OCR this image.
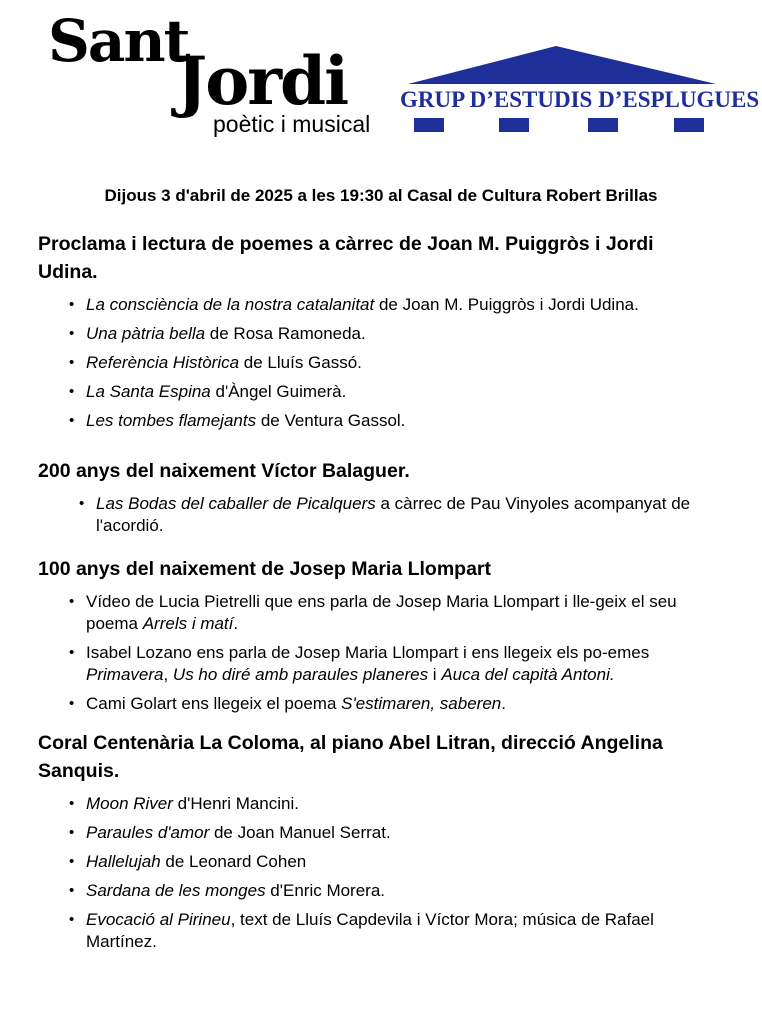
Sant
Jordi
poètic i musical
GRUP D’ESTUDIS D’ESPLUGUES
Dijous 3 d'abril de 2025 a les 19:30 al Casal de Cultura Robert Brillas

Proclama i lectura de poemes a càrrec de Joan M. Puiggròs i Jordi Udina.

• La consciència de la nostra catalanitat de Joan M. Puiggròs i Jordi Udina.
• Una pàtria bella de Rosa Ramoneda.
• Referència Històrica de Lluís Gassó.
• La Santa Espina d'Àngel Guimerà.
• Les tombes flamejants de Ventura Gassol.

200 anys del naixement Víctor Balaguer.

• Las Bodas del caballer de Picalquers a càrrec de Pau Vinyoles acompanyat de l'acordió.

100 anys del naixement de Josep Maria Llompart

• Vídeo de Lucia Pietrelli que ens parla de Josep Maria Llompart i lle-geix el seu poema Arrels i matí.
• Isabel Lozano ens parla de Josep Maria Llompart i ens llegeix els po-emes Primavera, Us ho diré amb paraules planeres i Auca del capità Antoni.
• Cami Golart ens llegeix el poema S'estimaren, saberen.

Coral Centenària La Coloma, al piano Abel Litran, direcció Angelina Sanquis.

• Moon River d'Henri Mancini.
• Paraules d'amor de Joan Manuel Serrat.
• Hallelujah de Leonard Cohen
• Sardana de les monges d'Enric Morera.
• Evocació al Pirineu, text de Lluís Capdevila i Víctor Mora; música de Rafael Martínez.
